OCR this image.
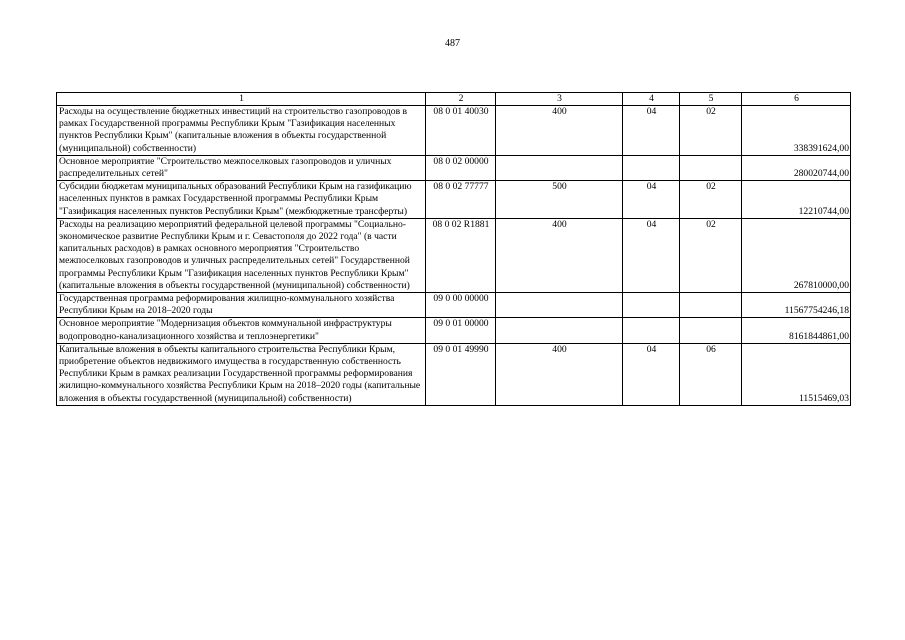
487
1	2	3	4	5	6
Расходы на осуществление бюджетных инвестиций на строительство газопроводов в рамках Государственной программы Республики Крым "Газификация населенных пунктов Республики Крым" (капитальные вложения в объекты государственной (муниципальной) собственности)	08 0 01 40030	400	04	02	338391624,00
Основное мероприятие "Строительство межпоселковых газопроводов и уличных распределительных сетей"	08 0 02 00000				280020744,00
Субсидии бюджетам муниципальных образований Республики Крым на газификацию населенных пунктов в рамках Государственной программы Республики Крым "Газификация населенных пунктов Республики Крым" (межбюджетные трансферты)	08 0 02 77777	500	04	02	12210744,00
Расходы на реализацию мероприятий федеральной целевой программы "Социально-экономическое развитие Республики Крым и г. Севастополя до 2022 года" (в части капитальных расходов) в рамках основного мероприятия "Строительство межпоселковых газопроводов и уличных распределительных сетей" Государственной программы Республики Крым "Газификация населенных пунктов Республики Крым" (капитальные вложения в объекты государственной (муниципальной) собственности)	08 0 02 R1881	400	04	02	267810000,00
Государственная программа реформирования жилищно-коммунального хозяйства Республики Крым на 2018–2020 годы	09 0 00 00000				11567754246,18
Основное мероприятие "Модернизация объектов коммунальной инфраструктуры водопроводно-канализационного хозяйства и теплоэнергетики"	09 0 01 00000				8161844861,00
Капитальные вложения в объекты капитального строительства Республики Крым, приобретение объектов недвижимого имущества в государственную собственность Республики Крым в рамках реализации Государственной программы реформирования жилищно-коммунального хозяйства Республики Крым на 2018–2020 годы (капитальные вложения в объекты государственной (муниципальной) собственности)	09 0 01 49990	400	04	06	11515469,03
